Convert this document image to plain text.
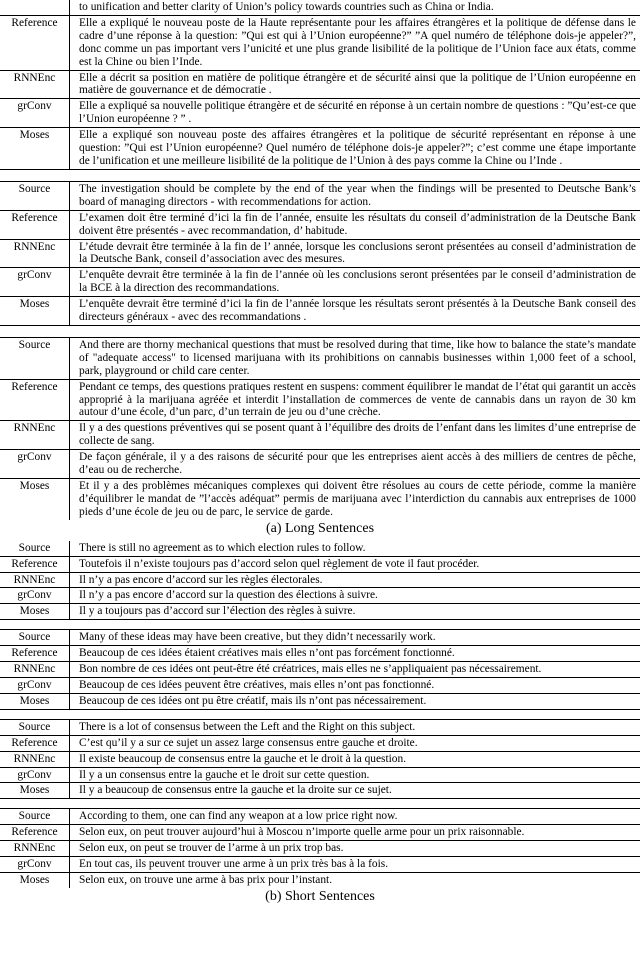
to unification and better clarity of Union’s policy towards countries such as China or India.
Reference	Elle a expliqué le nouveau poste de la Haute représentante pour les affaires étrangères et la politique de défense dans le cadre d’une réponse à la question: ”Qui est qui à l’Union européenne?” ”A quel numéro de téléphone dois-je appeler?”, donc comme un pas important vers l’unicité et une plus grande lisibilité de la politique de l’Union face aux états, comme est la Chine ou bien l’Inde.
RNNEnc	Elle a décrit sa position en matière de politique étrangère et de sécurité ainsi que la politique de l’Union européenne en matière de gouvernance et de démocratie .
grConv	Elle a expliqué sa nouvelle politique étrangère et de sécurité en réponse à un certain nombre de questions : ”Qu’est-ce que l’Union européenne ? ” .
Moses	Elle a expliqué son nouveau poste des affaires étrangères et la politique de sécurité représentant en réponse à une question: ”Qui est l’Union européenne? Quel numéro de téléphone dois-je appeler?”; c’est comme une étape importante de l’unification et une meilleure lisibilité de la politique de l’Union à des pays comme la Chine ou l’Inde .
Source	The investigation should be complete by the end of the year when the findings will be presented to Deutsche Bank’s board of managing directors - with recommendations for action.
Reference	L’examen doit être terminé d’ici la fin de l’année, ensuite les résultats du conseil d’administration de la Deutsche Bank doivent être présentés - avec recommandation, d’ habitude.
RNNEnc	L’étude devrait être terminée à la fin de l’ année, lorsque les conclusions seront présentées au conseil d’administration de la Deutsche Bank, conseil d’association avec des mesures.
grConv	L’enquête devrait être terminée à la fin de l’année où les conclusions seront présentées par le conseil d’administration de la BCE à la direction des recommandations.
Moses	L’enquête devrait être terminé d’ici la fin de l’année lorsque les résultats seront présentés à la Deutsche Bank conseil des directeurs généraux - avec des recommandations .
Source	And there are thorny mechanical questions that must be resolved during that time, like how to balance the state’s mandate of "adequate access" to licensed marijuana with its prohibitions on cannabis businesses within 1,000 feet of a school, park, playground or child care center.
Reference	Pendant ce temps, des questions pratiques restent en suspens: comment équilibrer le mandat de l’état qui garantit un accès approprié à la marijuana agréée et interdit l’installation de commerces de vente de cannabis dans un rayon de 30 km autour d’une école, d’un parc, d’un terrain de jeu ou d’une crèche.
RNNEnc	Il y a des questions préventives qui se posent quant à l’équilibre des droits de l’enfant dans les limites d’une entreprise de collecte de sang.
grConv	De façon générale, il y a des raisons de sécurité pour que les entreprises aient accès à des milliers de centres de pêche, d’eau ou de recherche.
Moses	Et il y a des problèmes mécaniques complexes qui doivent être résolues au cours de cette période, comme la manière d’équilibrer le mandat de ”l’accès adéquat” permis de marijuana avec l’interdiction du cannabis aux entreprises de 1000 pieds d’une école de jeu ou de parc, le service de garde.
(a) Long Sentences
Source	There is still no agreement as to which election rules to follow.
Reference	Toutefois il n’existe toujours pas d’accord selon quel règlement de vote il faut procéder.
RNNEnc	Il n’y a pas encore d’accord sur les règles électorales.
grConv	Il n’y a pas encore d’accord sur la question des élections à suivre.
Moses	Il y a toujours pas d’accord sur l’élection des règles à suivre.
Source	Many of these ideas may have been creative, but they didn’t necessarily work.
Reference	Beaucoup de ces idées étaient créatives mais elles n’ont pas forcément fonctionné.
RNNEnc	Bon nombre de ces idées ont peut-être été créatrices, mais elles ne s’appliquaient pas nécessairement.
grConv	Beaucoup de ces idées peuvent être créatives, mais elles n’ont pas fonctionné.
Moses	Beaucoup de ces idées ont pu être créatif, mais ils n’ont pas nécessairement.
Source	There is a lot of consensus between the Left and the Right on this subject.
Reference	C’est qu’il y a sur ce sujet un assez large consensus entre gauche et droite.
RNNEnc	Il existe beaucoup de consensus entre la gauche et le droit à la question.
grConv	Il y a un consensus entre la gauche et le droit sur cette question.
Moses	Il y a beaucoup de consensus entre la gauche et la droite sur ce sujet.
Source	According to them, one can find any weapon at a low price right now.
Reference	Selon eux, on peut trouver aujourd’hui à Moscou n’importe quelle arme pour un prix raisonnable.
RNNEnc	Selon eux, on peut se trouver de l’arme à un prix trop bas.
grConv	En tout cas, ils peuvent trouver une arme à un prix très bas à la fois.
Moses	Selon eux, on trouve une arme à bas prix pour l’instant.
(b) Short Sentences
